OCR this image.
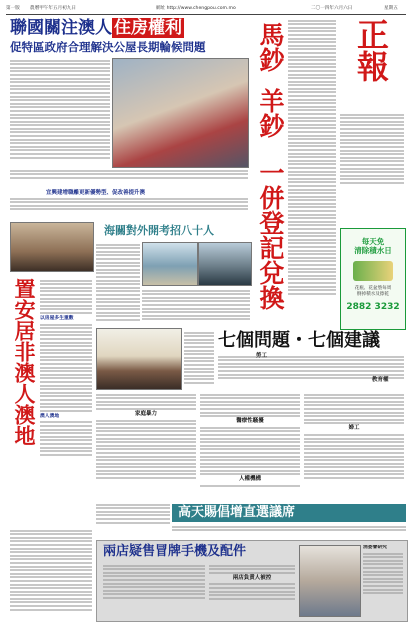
第一版 農曆甲午年五月初九日	網址 http://www.chengpou.com.mo	二〇一四年六月六日	星期五
正報
每天免
清除積水日
花瓶、花盆墊每周
倒掉積水及擦乾
2882 3232
聯國關注澳人 住房權利
促特區政府合理解決公屋長期輪候問題
宜興建增職離更新優勢型、促改善提升澳
馬鈔
羊鈔
一併登記兌換
置安居非澳人澳地 以房屋多生重數
澳人澳地
海關對外開考招八十人
七個問題・七個建議
勞工
教育權
家庭暴力
醫療性騷擾
人權機構
婦工
高天賜倡增直選議席
兩店疑售冒牌手機及配件
兩店負責人被控
消委會研究
